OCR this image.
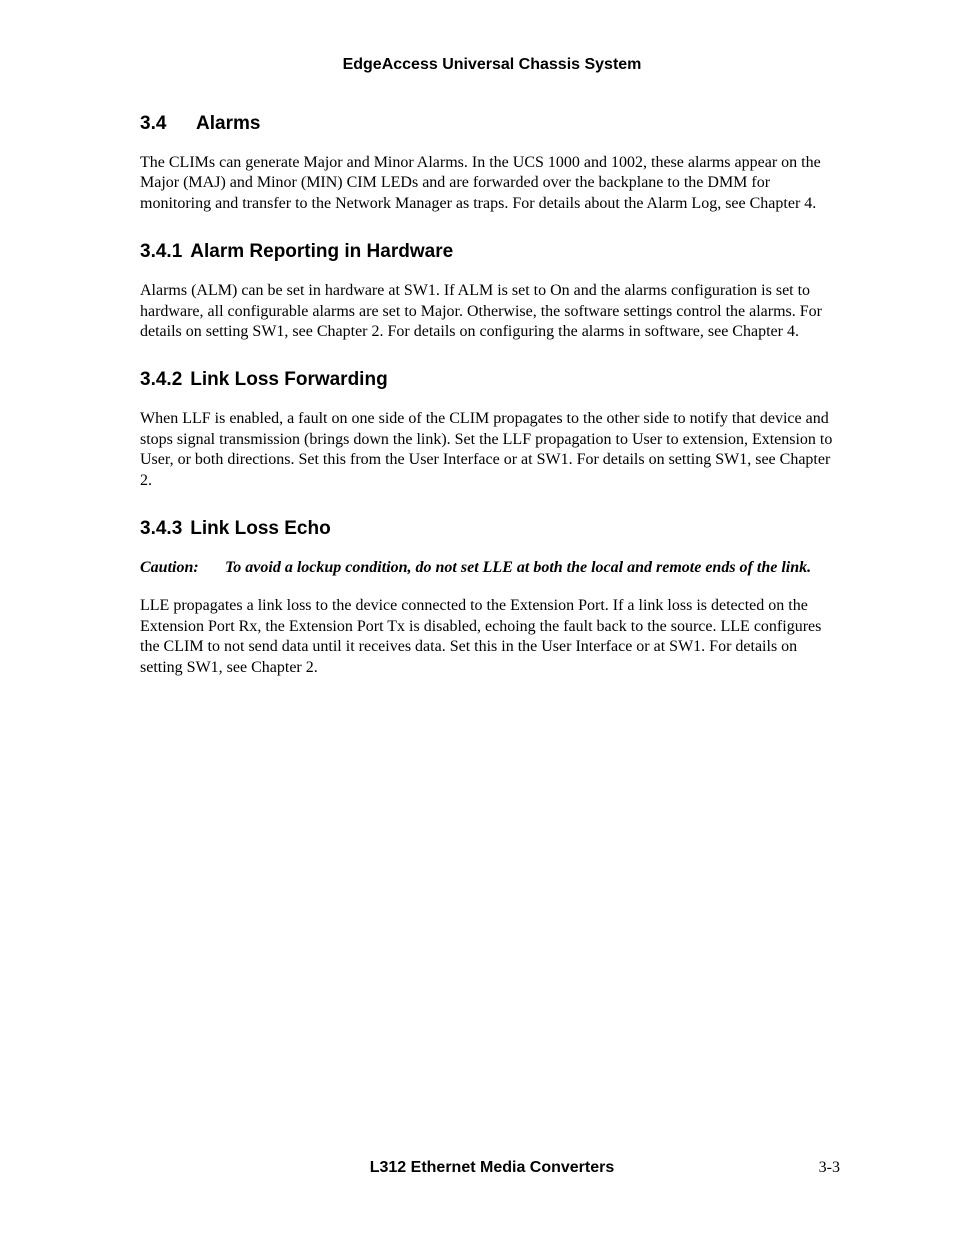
EdgeAccess Universal Chassis System
3.4 Alarms

The CLIMs can generate Major and Minor Alarms. In the UCS 1000 and 1002, these alarms appear on the Major (MAJ) and Minor (MIN) CIM LEDs and are forwarded over the backplane to the DMM for monitoring and transfer to the Network Manager as traps. For details about the Alarm Log, see Chapter 4.

3.4.1 Alarm Reporting in Hardware

Alarms (ALM) can be set in hardware at SW1. If ALM is set to On and the alarms configuration is set to hardware, all configurable alarms are set to Major. Otherwise, the software settings control the alarms. For details on setting SW1, see Chapter 2. For details on configuring the alarms in software, see Chapter 4.

3.4.2 Link Loss Forwarding

When LLF is enabled, a fault on one side of the CLIM propagates to the other side to notify that device and stops signal transmission (brings down the link). Set the LLF propagation to User to extension, Extension to User, or both directions. Set this from the User Interface or at SW1. For details on setting SW1, see Chapter 2.

3.4.3 Link Loss Echo
Caution:	To avoid a lockup condition, do not set LLE at both the local and remote ends of the link.

LLE propagates a link loss to the device connected to the Extension Port. If a link loss is detected on the Extension Port Rx, the Extension Port Tx is disabled, echoing the fault back to the source. LLE configures the CLIM to not send data until it receives data. Set this in the User Interface or at SW1. For details on setting SW1, see Chapter 2.

L312 Ethernet Media Converters	3-3
